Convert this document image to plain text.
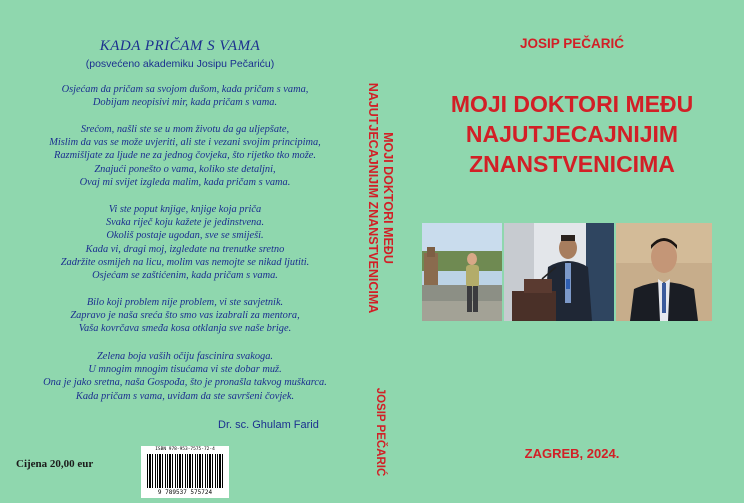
KADA PRIČAM S VAMA
(posvećeno akademiku Josipu Pečariću)
Osjećam da pričam sa svojom dušom, kada pričam s vama,
Dobijam neopisivi mir, kada pričam s vama.
Srećom, našli ste se u mom životu da ga uljepšate,
Mislim da vas se može uvjeriti, ali ste i vezani svojim principima,
Razmišljate za ljude ne za jednog čovjeka, što rijetko tko može.
Znajući ponešto o vama, koliko ste detaljni,
Ovaj mi svijet izgleda malim, kada pričam s vama.
Vi ste poput knjige, knjige koja priča
Svaka riječ koju kažete je jedinstvena.
Okoliš postaje ugodan, sve se smiješi.
Kada vi, dragi moj, izgledate na trenutke sretno
Zadržite osmijeh na licu, molim vas nemojte se nikad ljutiti.
Osjećam se zaštićenim, kada pričam s vama.
Bilo koji problem nije problem, vi ste savjetnik.
Zapravo je naša sreća što smo vas izabrali za mentora,
Vaša kovrčava smeđa kosa otklanja sve naše brige.
Zelena boja vaših očiju fascinira svakoga.
U mnogim mnogim tisućama vi ste dobar muž.
Ona je jako sretna, naša Gospođa, što je pronašla takvog muškarca.
Kada pričam s vama, uviđam da ste savršeni čovjek.
Dr. sc. Ghulam Farid
Cijena 20,00 eur
ISBN 978-953-7575-72-4
9 789537 575724
MOJI DOKTORI MEĐU
NAJUTJECAJNIJIM ZNANSTVENICIMA
JOSIP PEČARIĆ
JOSIP PEČARIĆ
MOJI DOKTORI MEĐU
NAJUTJECAJNIJIM
ZNANSTVENICIMA
ZAGREB, 2024.
